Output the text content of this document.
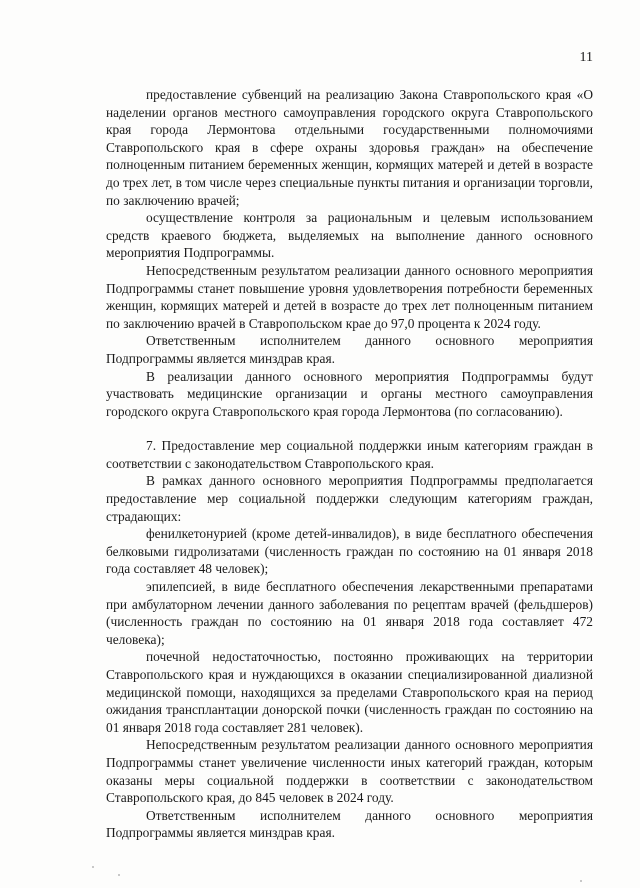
11

предоставление субвенций на реализацию Закона Ставропольского края «О наделении органов местного самоуправления городского округа Ставропольского края города Лермонтова отдельными государственными полномочиями Ставропольского края в сфере охраны здоровья граждан» на обеспечение полноценным питанием беременных женщин, кормящих матерей и детей в возрасте до трех лет, в том числе через специальные пункты питания и организации торговли, по заключению врачей;

осуществление контроля за рациональным и целевым использованием средств краевого бюджета, выделяемых на выполнение данного основного мероприятия Подпрограммы.

Непосредственным результатом реализации данного основного мероприятия Подпрограммы станет повышение уровня удовлетворения потребности беременных женщин, кормящих матерей и детей в возрасте до трех лет полноценным питанием по заключению врачей в Ставропольском крае до 97,0 процента к 2024 году.

Ответственным исполнителем данного основного мероприятия Подпрограммы является минздрав края.

В реализации данного основного мероприятия Подпрограммы будут участвовать медицинские организации и органы местного самоуправления городского округа Ставропольского края города Лермонтова (по согласованию).

7. Предоставление мер социальной поддержки иным категориям граждан в соответствии с законодательством Ставропольского края.

В рамках данного основного мероприятия Подпрограммы предполагается предоставление мер социальной поддержки следующим категориям граждан, страдающих:

фенилкетонурией (кроме детей-инвалидов), в виде бесплатного обеспечения белковыми гидролизатами (численность граждан по состоянию на 01 января 2018 года составляет 48 человек);

эпилепсией, в виде бесплатного обеспечения лекарственными препаратами при амбулаторном лечении данного заболевания по рецептам врачей (фельдшеров) (численность граждан по состоянию на 01 января 2018 года составляет 472 человека);

почечной недостаточностью, постоянно проживающих на территории Ставропольского края и нуждающихся в оказании специализированной диализной медицинской помощи, находящихся за пределами Ставропольского края на период ожидания трансплантации донорской почки (численность граждан по состоянию на 01 января 2018 года составляет 281 человек).

Непосредственным результатом реализации данного основного мероприятия Подпрограммы станет увеличение численности иных категорий граждан, которым оказаны меры социальной поддержки в соответствии с законодательством Ставропольского края, до 845 человек в 2024 году.

Ответственным исполнителем данного основного мероприятия Подпрограммы является минздрав края.
